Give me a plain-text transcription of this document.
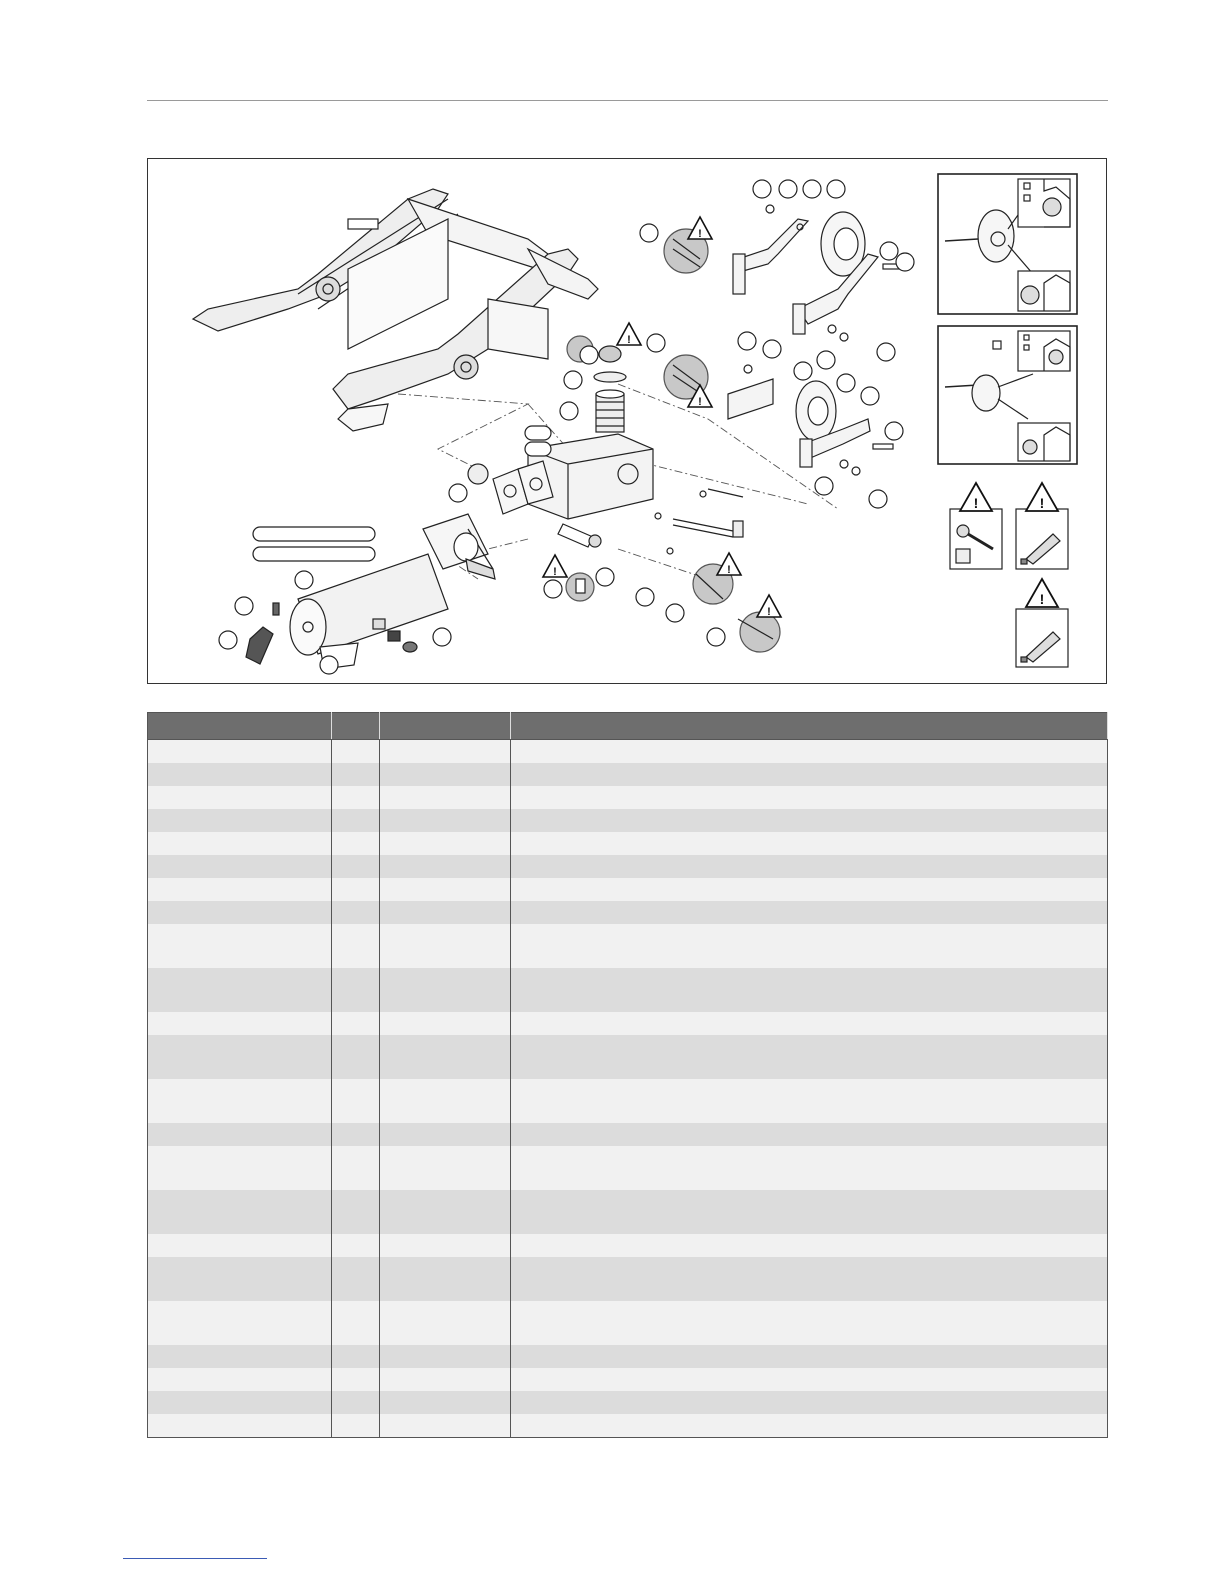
!
!
!
!	!
!
!	!
!
